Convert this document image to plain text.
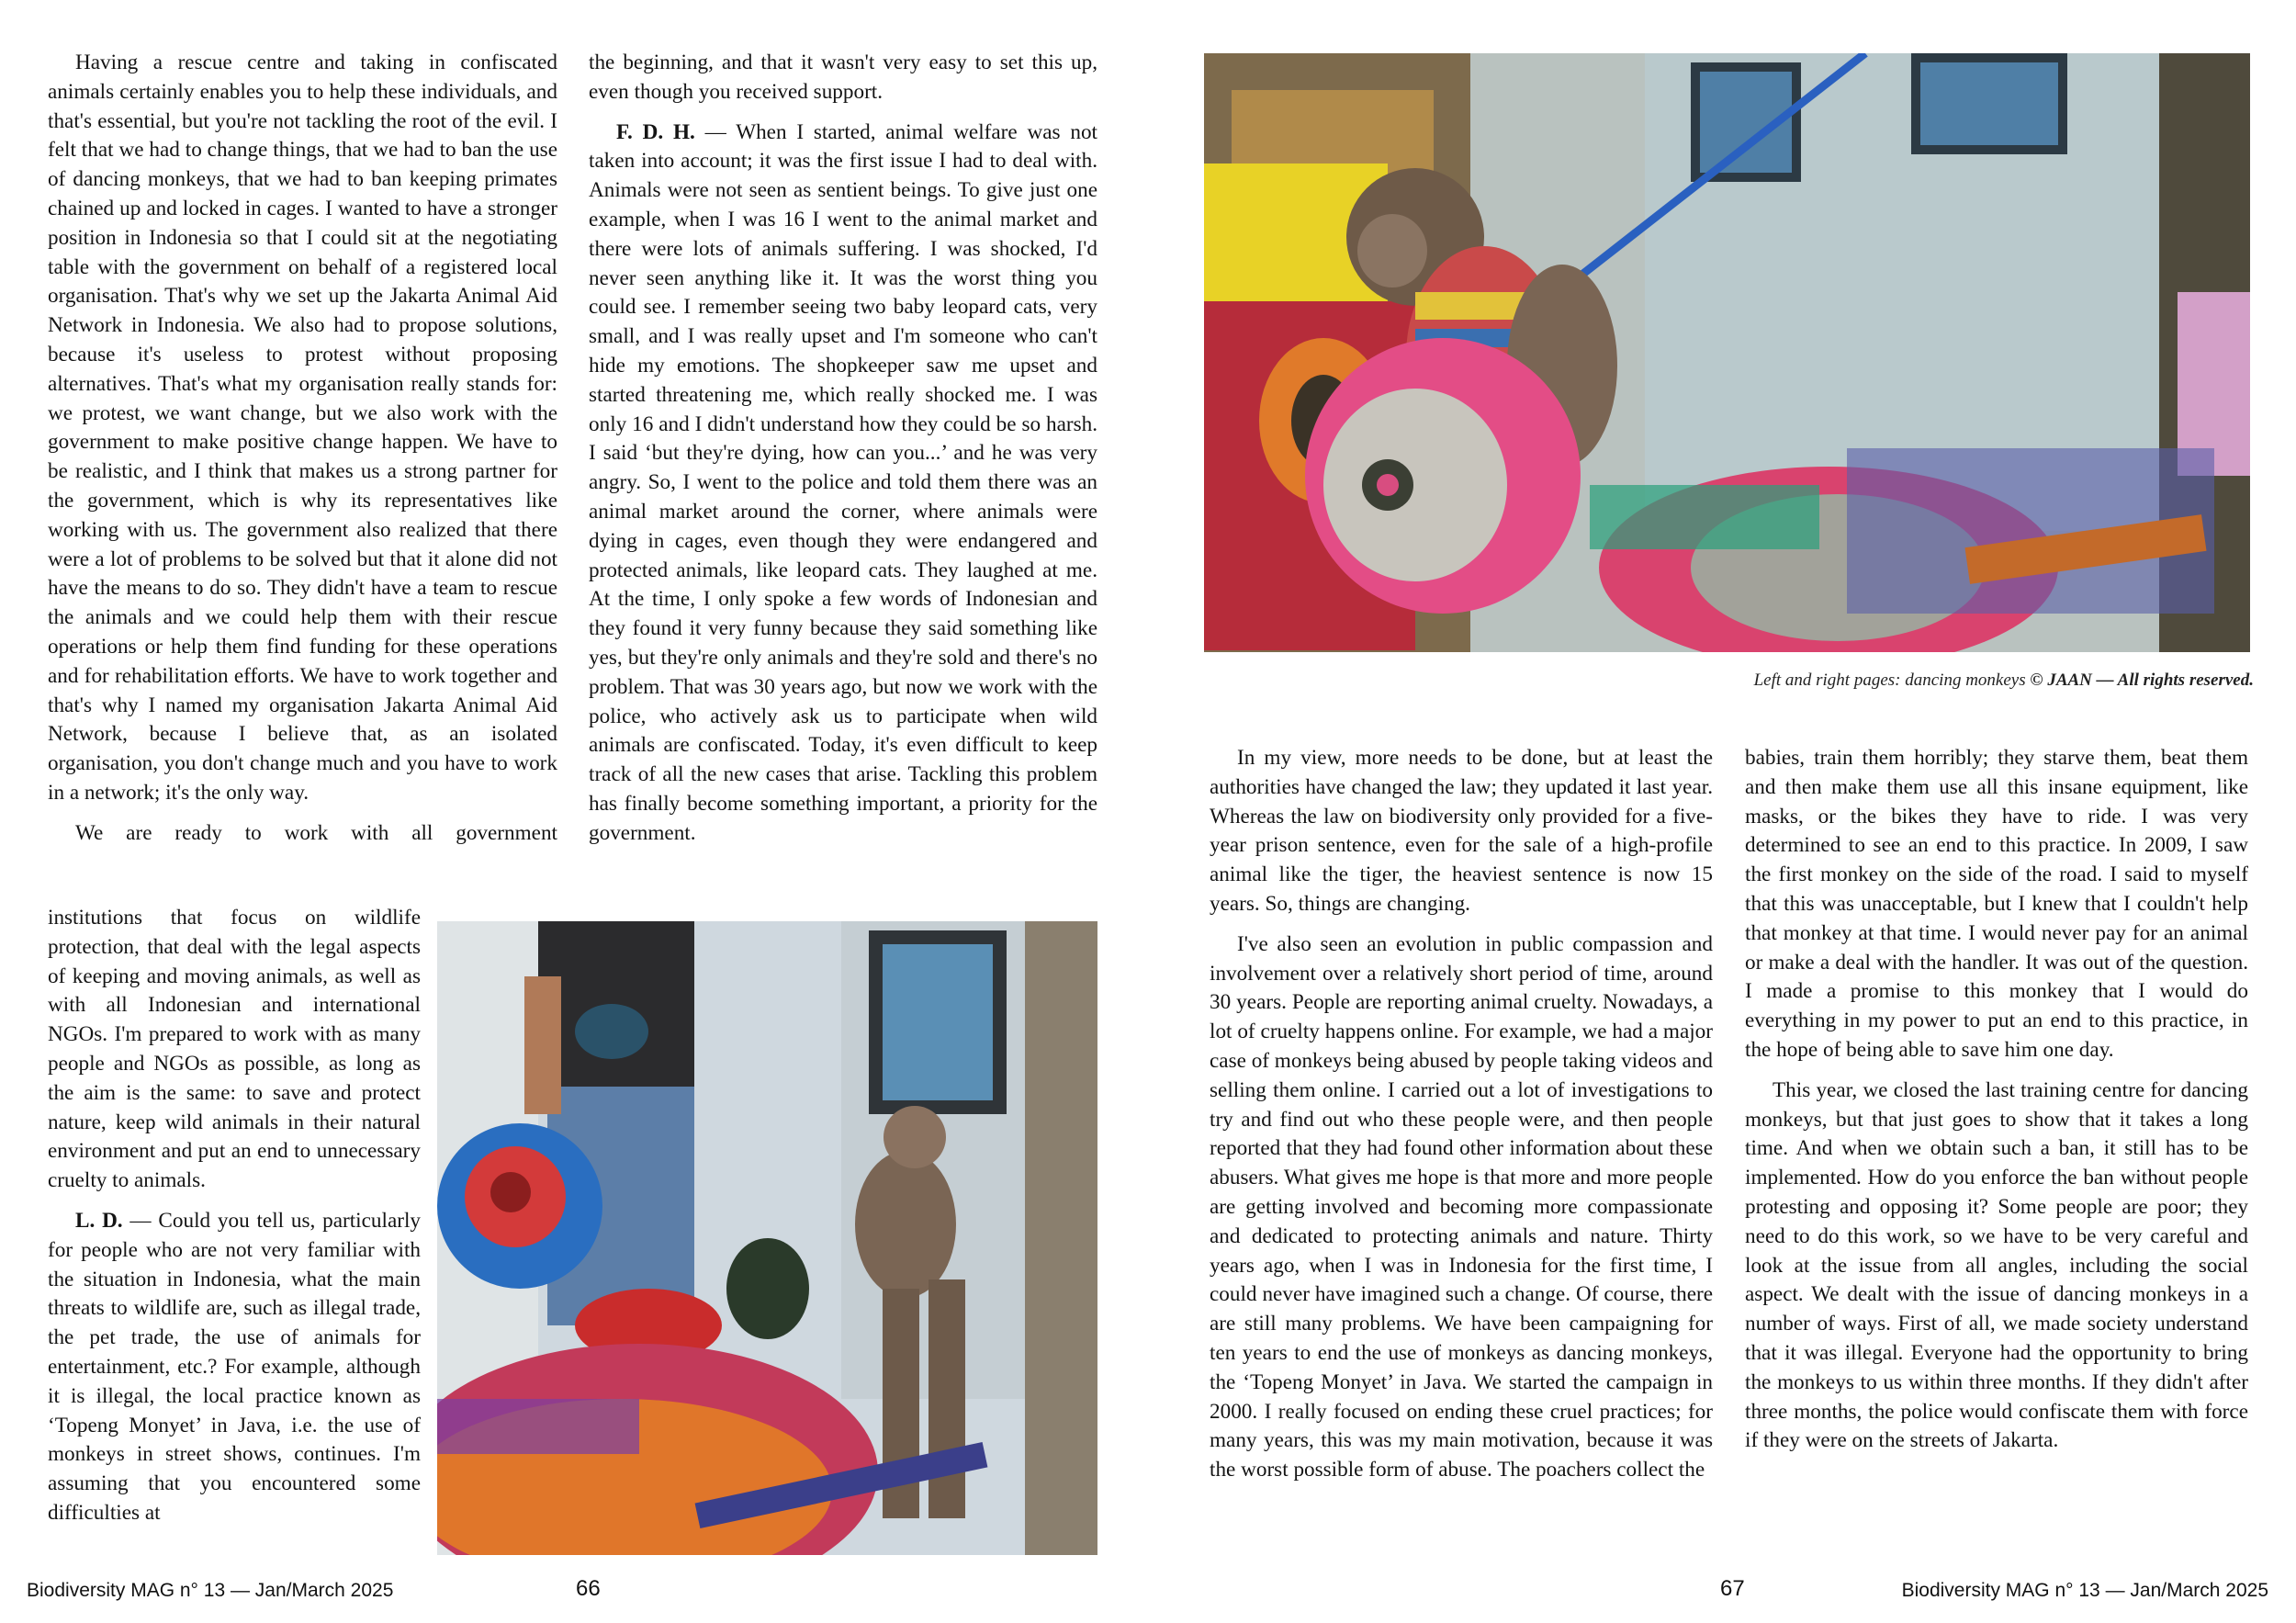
Having a rescue centre and taking in confiscated animals certainly enables you to help these individuals, and that's essential, but you're not tackling the root of the evil. I felt that we had to change things, that we had to ban the use of dancing monkeys, that we had to ban keeping primates chained up and locked in cages. I wanted to have a stronger position in Indonesia so that I could sit at the negotiating table with the government on behalf of a registered local organisation. That's why we set up the Jakarta Animal Aid Network in Indonesia. We also had to propose solutions, because it's useless to protest without proposing alternatives. That's what my organisation really stands for: we protest, we want change, but we also work with the government to make positive change happen. We have to be realistic, and I think that makes us a strong partner for the government, which is why its representatives like working with us. The government also realized that there were a lot of problems to be solved but that it alone did not have the means to do so. They didn't have a team to rescue the animals and we could help them with their rescue operations or help them find funding for these operations and for rehabilitation efforts. We have to work together and that's why I named my organisation Jakarta Animal Aid Network, because I believe that, as an isolated organisation, you don't change much and you have to work in a network; it's the only way.

We are ready to work with all government

institutions that focus on wildlife protection, that deal with the legal aspects of keeping and moving animals, as well as with all Indonesian and international NGOs. I'm prepared to work with as many people and NGOs as possible, as long as the aim is the same: to save and protect nature, keep wild animals in their natural environment and put an end to unnecessary cruelty to animals.

L. D. — Could you tell us, particularly for people who are not very familiar with the situation in Indonesia, what the main threats to wildlife are, such as illegal trade, the pet trade, the use of animals for entertainment, etc.? For example, although it is illegal, the local practice known as ‘Topeng Monyet’ in Java, i.e. the use of monkeys in street shows, continues. I'm assuming that you encountered some difficulties at

the beginning, and that it wasn't very easy to set this up, even though you received support.

F. D. H. — When I started, animal welfare was not taken into account; it was the first issue I had to deal with. Animals were not seen as sentient beings. To give just one example, when I was 16 I went to the animal market and there were lots of animals suffering. I was shocked, I'd never seen anything like it. It was the worst thing you could see. I remember seeing two baby leopard cats, very small, and I was really upset and I'm someone who can't hide my emotions. The shopkeeper saw me upset and started threatening me, which really shocked me. I was only 16 and I didn't understand how they could be so harsh. I said ‘but they're dying, how can you...’ and he was very angry. So, I went to the police and told them there was an animal market around the corner, where animals were dying in cages, even though they were endangered and protected animals, like leopard cats. They laughed at me. At the time, I only spoke a few words of Indonesian and they found it very funny because they said something like yes, but they're only animals and they're sold and there's no problem. That was 30 years ago, but now we work with the police, who actively ask us to participate when wild animals are confiscated. Today, it's even difficult to keep track of all the new cases that arise. Tackling this problem has finally become something important, a priority for the government.

Biodiversity MAG n° 13 — Jan/March 2025	66
Left and right pages: dancing monkeys © JAAN — All rights reserved.

In my view, more needs to be done, but at least the authorities have changed the law; they updated it last year. Whereas the law on biodiversity only provided for a five-year prison sentence, even for the sale of a high-profile animal like the tiger, the heaviest sentence is now 15 years. So, things are changing.

I've also seen an evolution in public compassion and involvement over a relatively short period of time, around 30 years. People are reporting animal cruelty. Nowadays, a lot of cruelty happens online. For example, we had a major case of monkeys being abused by people taking videos and selling them online. I carried out a lot of investigations to try and find out who these people were, and then people reported that they had found other information about these abusers. What gives me hope is that more and more people are getting involved and becoming more compassionate and dedicated to protecting animals and nature. Thirty years ago, when I was in Indonesia for the first time, I could never have imagined such a change. Of course, there are still many problems. We have been campaigning for ten years to end the use of monkeys as dancing monkeys, the ‘Topeng Monyet’ in Java. We started the campaign in 2000. I really focused on ending these cruel practices; for many years, this was my main motivation, because it was the worst possible form of abuse. The poachers collect the

babies, train them horribly; they starve them, beat them and then make them use all this insane equipment, like masks, or the bikes they have to ride. I was very determined to see an end to this practice. In 2009, I saw the first monkey on the side of the road. I said to myself that this was unacceptable, but I knew that I couldn't help that monkey at that time. I would never pay for an animal or make a deal with the handler. It was out of the question. I made a promise to this monkey that I would do everything in my power to put an end to this practice, in the hope of being able to save him one day.

This year, we closed the last training centre for dancing monkeys, but that just goes to show that it takes a long time. And when we obtain such a ban, it still has to be implemented. How do you enforce the ban without people protesting and opposing it? Some people are poor; they need to do this work, so we have to be very careful and look at the issue from all angles, including the social aspect. We dealt with the issue of dancing monkeys in a number of ways. First of all, we made society understand that it was illegal. Everyone had the opportunity to bring the monkeys to us within three months. If they didn't after three months, the police would confiscate them with force if they were on the streets of Jakarta.

67	Biodiversity MAG n° 13 — Jan/March 2025
